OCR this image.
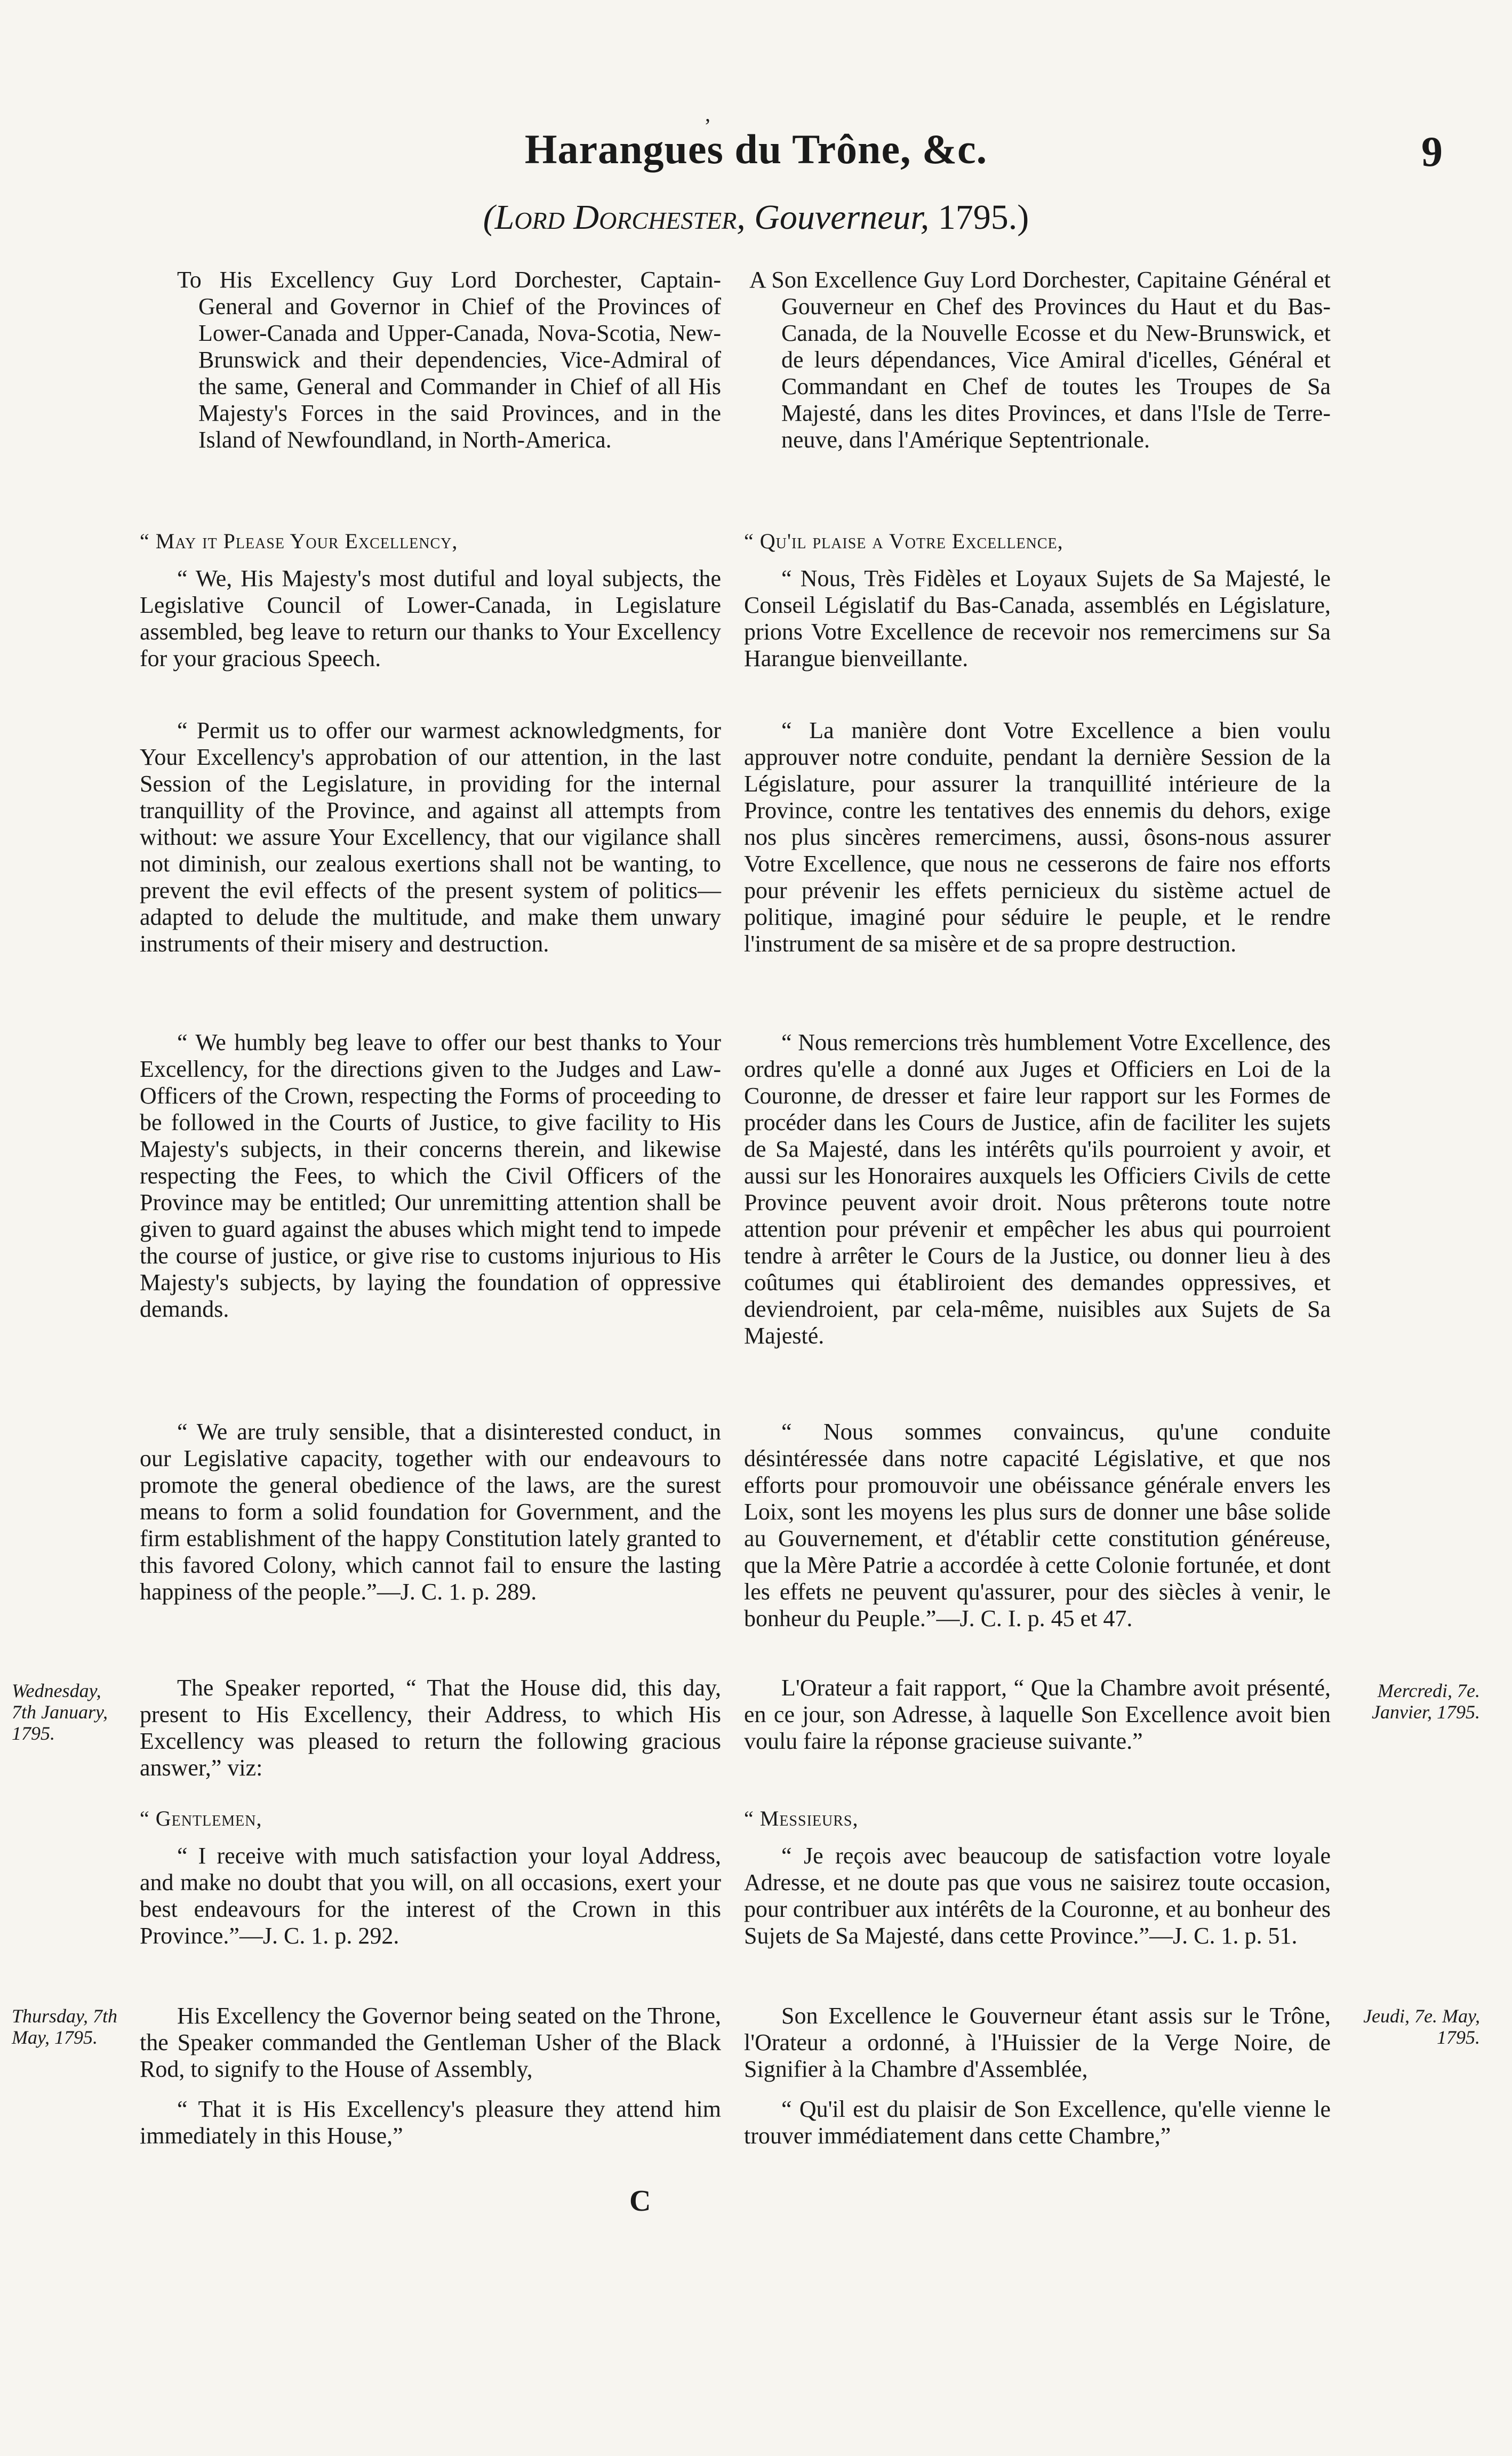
,
Harangues du Trône, &c.	9
(Lord Dorchester, Gouverneur, 1795.)

To His Excellency Guy Lord Dorchester, Captain-General and Governor in Chief of the Provinces of Lower-Canada and Upper-Canada, Nova-Scotia, New-Brunswick and their dependencies, Vice-Admiral of the same, General and Commander in Chief of all His Majesty's Forces in the said Provinces, and in the Island of Newfoundland, in North-America.

“ May it Please Your Excellency,

“ We, His Majesty's most dutiful and loyal subjects, the Legislative Council of Lower-Canada, in Legislature assembled, beg leave to return our thanks to Your Excellency for your gracious Speech.

“ Permit us to offer our warmest acknowledgments, for Your Excellency's approbation of our attention, in the last Session of the Legislature, in providing for the internal tranquillity of the Province, and against all attempts from without: we assure Your Excellency, that our vigilance shall not diminish, our zealous exertions shall not be wanting, to prevent the evil effects of the present system of politics—adapted to delude the multitude, and make them unwary instruments of their misery and destruction.

“ We humbly beg leave to offer our best thanks to Your Excellency, for the directions given to the Judges and Law-Officers of the Crown, respecting the Forms of proceeding to be followed in the Courts of Justice, to give facility to His Majesty's subjects, in their concerns therein, and likewise respecting the Fees, to which the Civil Officers of the Province may be entitled; Our unremitting attention shall be given to guard against the abuses which might tend to impede the course of justice, or give rise to customs injurious to His Majesty's subjects, by laying the foundation of oppressive demands.

“ We are truly sensible, that a disinterested conduct, in our Legislative capacity, together with our endeavours to promote the general obedience of the laws, are the surest means to form a solid foundation for Government, and the firm establishment of the happy Constitution lately granted to this favored Colony, which cannot fail to ensure the lasting happiness of the people.”—J. C. 1. p. 289.

The Speaker reported, “ That the House did, this day, present to His Excellency, their Address, to which His Excellency was pleased to return the following gracious answer,” viz:

“ Gentlemen,

“ I receive with much satisfaction your loyal Address, and make no doubt that you will, on all occasions, exert your best endeavours for the interest of the Crown in this Province.”—J. C. 1. p. 292.

His Excellency the Governor being seated on the Throne, the Speaker commanded the Gentleman Usher of the Black Rod, to signify to the House of Assembly,

“ That it is His Excellency's pleasure they attend him immediately in this House,”

A Son Excellence Guy Lord Dorchester, Capitaine Général et Gouverneur en Chef des Provinces du Haut et du Bas-Canada, de la Nouvelle Ecosse et du New-Brunswick, et de leurs dépendances, Vice Amiral d'icelles, Général et Commandant en Chef de toutes les Troupes de Sa Majesté, dans les dites Provinces, et dans l'Isle de Terre-neuve, dans l'Amérique Septentrionale.

“ Qu'il plaise a Votre Excellence,

“ Nous, Très Fidèles et Loyaux Sujets de Sa Majesté, le Conseil Législatif du Bas-Canada, assemblés en Législature, prions Votre Excellence de recevoir nos remercimens sur Sa Harangue bienveillante.

“ La manière dont Votre Excellence a bien voulu approuver notre conduite, pendant la dernière Session de la Législature, pour assurer la tranquillité intérieure de la Province, contre les tentatives des ennemis du dehors, exige nos plus sincères remercimens, aussi, ôsons-nous assurer Votre Excellence, que nous ne cesserons de faire nos efforts pour prévenir les effets pernicieux du sistème actuel de politique, imaginé pour séduire le peuple, et le rendre l'instrument de sa misère et de sa propre destruction.

“ Nous remercions très humblement Votre Excellence, des ordres qu'elle a donné aux Juges et Officiers en Loi de la Couronne, de dresser et faire leur rapport sur les Formes de procéder dans les Cours de Justice, afin de faciliter les sujets de Sa Majesté, dans les intérêts qu'ils pourroient y avoir, et aussi sur les Honoraires auxquels les Officiers Civils de cette Province peuvent avoir droit. Nous prêterons toute notre attention pour prévenir et empêcher les abus qui pourroient tendre à arrêter le Cours de la Justice, ou donner lieu à des coûtumes qui établiroient des demandes oppressives, et deviendroient, par cela-même, nuisibles aux Sujets de Sa Majesté.

“ Nous sommes convaincus, qu'une conduite désintéressée dans notre capacité Législative, et que nos efforts pour promouvoir une obéissance générale envers les Loix, sont les moyens les plus surs de donner une bâse solide au Gouvernement, et d'établir cette constitution généreuse, que la Mère Patrie a accordée à cette Colonie fortunée, et dont les effets ne peuvent qu'assurer, pour des siècles à venir, le bonheur du Peuple.”—J. C. I. p. 45 et 47.

L'Orateur a fait rapport, “ Que la Chambre avoit présenté, en ce jour, son Adresse, à laquelle Son Excellence avoit bien voulu faire la réponse gracieuse suivante.”

“ Messieurs,

“ Je reçois avec beaucoup de satisfaction votre loyale Adresse, et ne doute pas que vous ne saisirez toute occasion, pour contribuer aux intérêts de la Couronne, et au bonheur des Sujets de Sa Majesté, dans cette Province.”—J. C. 1. p. 51.

Son Excellence le Gouverneur étant assis sur le Trône, l'Orateur a ordonné, à l'Huissier de la Verge Noire, de Signifier à la Chambre d'Assemblée,

“ Qu'il est du plaisir de Son Excellence, qu'elle vienne le trouver immédiatement dans cette Chambre,”

Wednesday, 7th January, 1795.
Mercredi, 7e. Janvier, 1795.
Thursday, 7th May, 1795.
Jeudi, 7e. May, 1795.
C
